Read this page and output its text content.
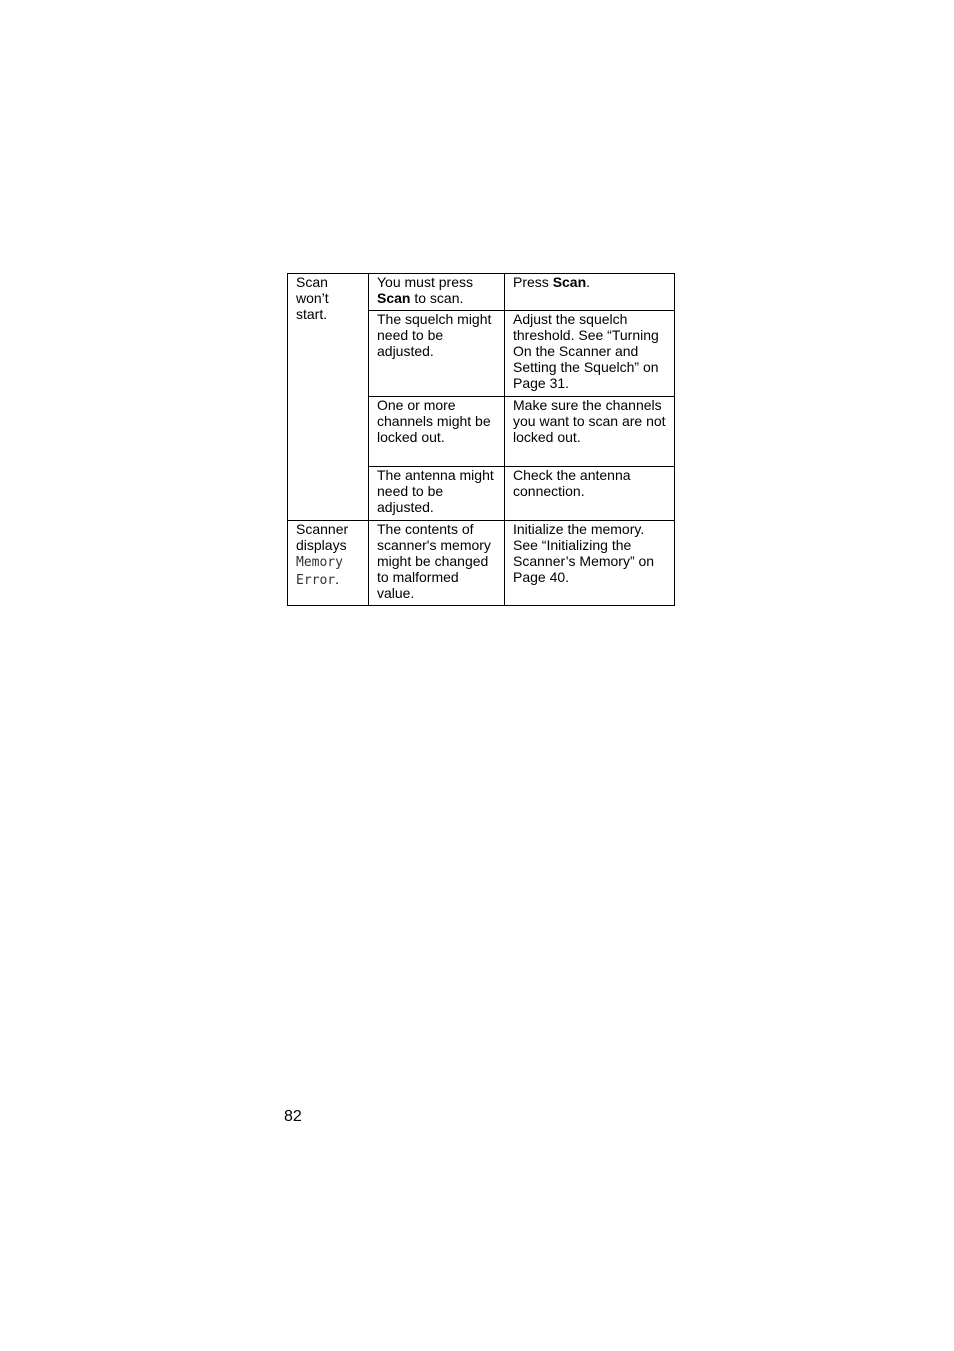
Scan won’t start.	You must press Scan to scan.	Press Scan.
	The squelch might need to be adjusted.	Adjust the squelch threshold. See “Turning On the Scanner and Setting the Squelch” on Page 31.
	One or more channels might be locked out.	Make sure the channels you want to scan are not locked out.
	The antenna might need to be adjusted.	Check the antenna connection.
Scanner displays Memory Error.	The contents of scanner's memory might be changed to malformed value.	Initialize the memory. See “Initializing the Scanner’s Memory” on Page 40.
82
